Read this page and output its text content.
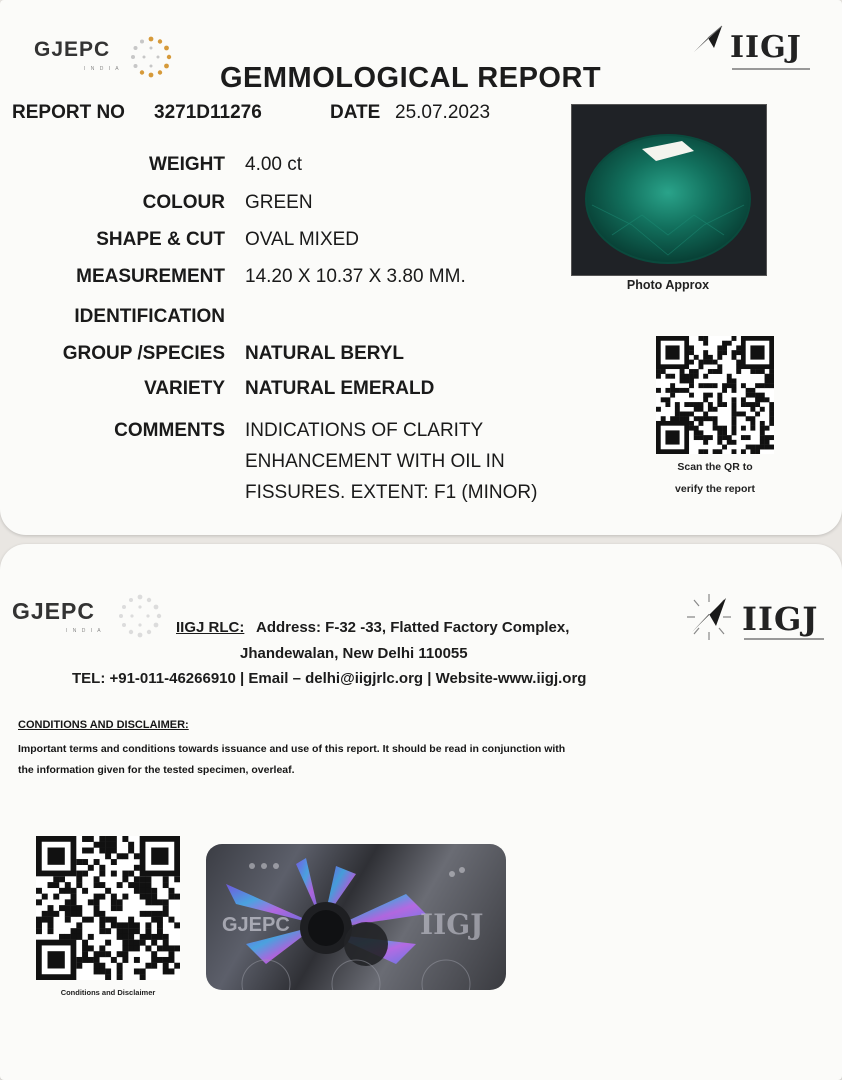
GJEPC
I N D I A
IIGJ
GEMMOLOGICAL REPORT
REPORT NO 3271D11276	DATE 25.07.2023
WEIGHT 4.00 ct
COLOUR GREEN
SHAPE & CUT OVAL MIXED
MEASUREMENT 14.20 X 10.37 X 3.80 MM.
IDENTIFICATION
GROUP /SPECIES NATURAL BERYL
VARIETY NATURAL EMERALD
COMMENTS INDICATIONS OF CLARITY
ENHANCEMENT WITH OIL IN
FISSURES. EXTENT: F1 (MINOR)
Photo Approx
Scan the QR to
verify the report
GJEPC
I N D I A	IIGJ
IIGJ RLC: Address: F-32 -33, Flatted Factory Complex,
Jhandewalan, New Delhi 110055
TEL: +91-011-46266910 | Email – delhi@iigjrlc.org | Website-www.iigj.org
CONDITIONS AND DISCLAIMER:
Important terms and conditions towards issuance and use of this report. It should be read in conjunction with
the information given for the tested specimen, overleaf.
Conditions and Disclaimer
GJEPC	IIGJ
